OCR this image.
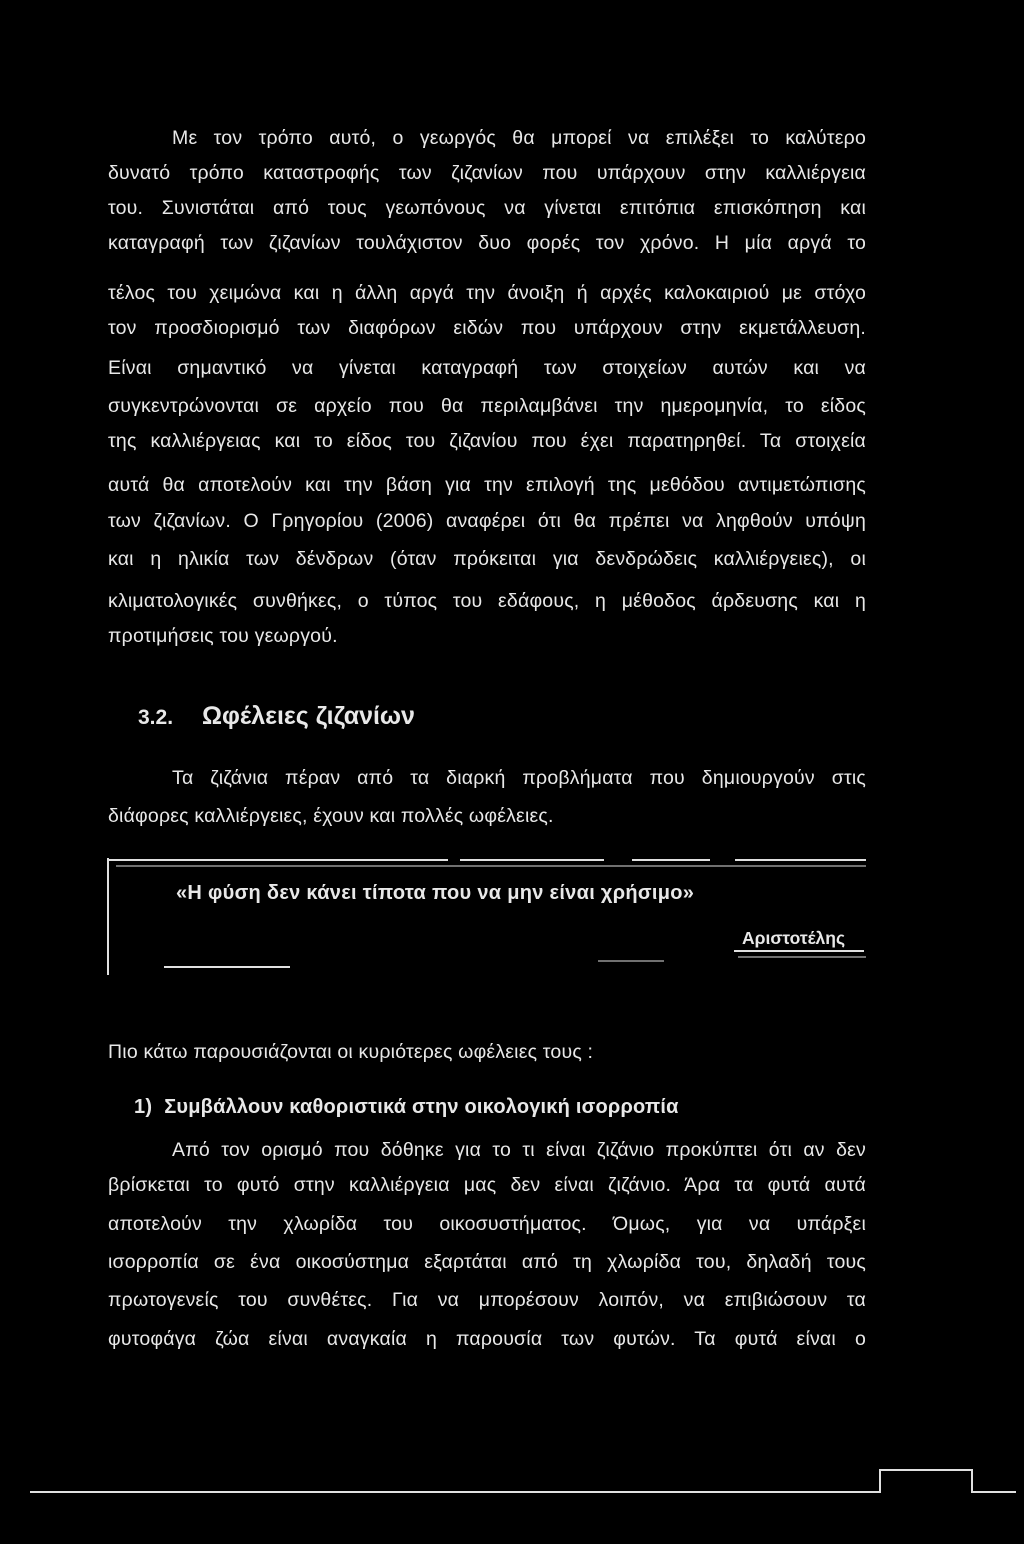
Με τον τρόπο αυτό, ο γεωργός θα μπορεί να επιλέξει το καλύτερο
δυνατό τρόπο καταστροφής των ζιζανίων που υπάρχουν στην καλλιέργεια
του. Συνιστάται από τους γεωπόνους να γίνεται επιτόπια επισκόπηση και
καταγραφή των ζιζανίων τουλάχιστον δυο φορές τον χρόνο. Η μία αργά το
τέλος του χειμώνα και η άλλη αργά την άνοιξη ή αρχές καλοκαιριού με στόχο
τον προσδιορισμό των διαφόρων ειδών που υπάρχουν στην εκμετάλλευση.
Είναι σημαντικό να γίνεται καταγραφή των στοιχείων αυτών και να
συγκεντρώνονται σε αρχείο που θα περιλαμβάνει την ημερομηνία, το είδος
της καλλιέργειας και το είδος του ζιζανίου που έχει παρατηρηθεί. Τα στοιχεία
αυτά θα αποτελούν και την βάση για την επιλογή της μεθόδου αντιμετώπισης
των ζιζανίων. Ο Γρηγορίου (2006) αναφέρει ότι θα πρέπει να ληφθούν υπόψη
και η ηλικία των δένδρων (όταν πρόκειται για δενδρώδεις καλλιέργειες), οι
κλιματολογικές συνθήκες, ο τύπος του εδάφους, η μέθοδος άρδευσης και η
προτιμήσεις του γεωργού.
3.2. Ωφέλειες ζιζανίων
Τα ζιζάνια πέραν από τα διαρκή προβλήματα που δημιουργούν στις
διάφορες καλλιέργειες, έχουν και πολλές ωφέλειες.
«Η φύση δεν κάνει τίποτα που να μην είναι χρήσιμο»
Αριστοτέλης
Πιο κάτω παρουσιάζονται οι κυριότερες ωφέλειες τους :
1) Συμβάλλουν καθοριστικά στην οικολογική ισορροπία
Από τον ορισμό που δόθηκε για το τι είναι ζιζάνιο προκύπτει ότι αν δεν
βρίσκεται το φυτό στην καλλιέργεια μας δεν είναι ζιζάνιο. Άρα τα φυτά αυτά
αποτελούν την χλωρίδα του οικοσυστήματος. Όμως, για να υπάρξει
ισορροπία σε ένα οικοσύστημα εξαρτάται από τη χλωρίδα του, δηλαδή τους
πρωτογενείς του συνθέτες. Για να μπορέσουν λοιπόν, να επιβιώσουν τα
φυτοφάγα ζώα είναι αναγκαία η παρουσία των φυτών. Τα φυτά είναι ο
